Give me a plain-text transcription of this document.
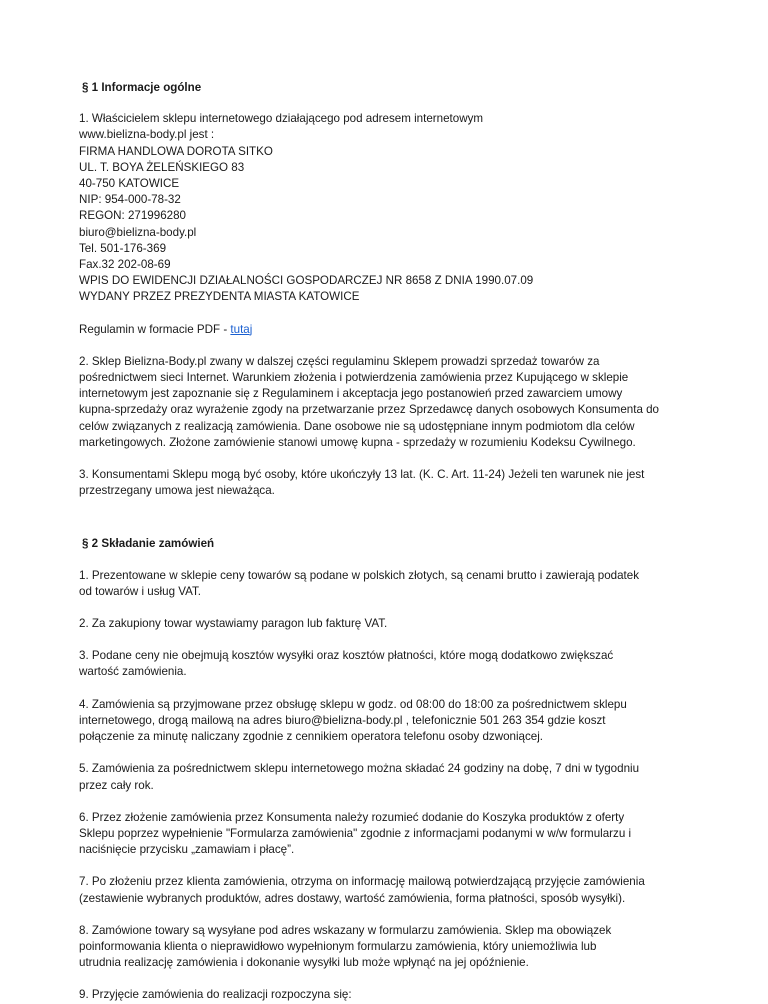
§ 1 Informacje ogólne
1. Właścicielem sklepu internetowego działającego pod adresem internetowym
www.bielizna-body.pl jest :
FIRMA HANDLOWA DOROTA SITKO
UL. T. BOYA ŻELEŃSKIEGO 83
40-750 KATOWICE
NIP: 954-000-78-32
REGON: 271996280
biuro@bielizna-body.pl
Tel. 501-176-369
Fax.32 202-08-69
WPIS DO EWIDENCJI DZIAŁALNOŚCI GOSPODARCZEJ NR 8658 Z DNIA 1990.07.09
WYDANY PRZEZ PREZYDENTA MIASTA KATOWICE
Regulamin w formacie PDF - tutaj
2. Sklep Bielizna-Body.pl zwany w dalszej części regulaminu Sklepem prowadzi sprzedaż towarów za
pośrednictwem sieci Internet. Warunkiem złożenia i potwierdzenia zamówienia przez Kupującego w sklepie
internetowym jest zapoznanie się z Regulaminem i akceptacja jego postanowień przed zawarciem umowy
kupna-sprzedaży oraz wyrażenie zgody na przetwarzanie przez Sprzedawcę danych osobowych Konsumenta do
celów związanych z realizacją zamówienia. Dane osobowe nie są udostępniane innym podmiotom dla celów
marketingowych. Złożone zamówienie stanowi umowę kupna - sprzedaży w rozumieniu Kodeksu Cywilnego.
3. Konsumentami Sklepu mogą być osoby, które ukończyły 13 lat. (K. C. Art. 11-24) Jeżeli ten warunek nie jest
przestrzegany umowa jest nieważąca.
§ 2 Składanie zamówień
1. Prezentowane w sklepie ceny towarów są podane w polskich złotych, są cenami brutto i zawierają podatek
od towarów i usług VAT.
2. Za zakupiony towar wystawiamy paragon lub fakturę VAT.
3. Podane ceny nie obejmują kosztów wysyłki oraz kosztów płatności, które mogą dodatkowo zwiększać
wartość zamówienia.
4. Zamówienia są przyjmowane przez obsługę sklepu w godz. od 08:00 do 18:00 za pośrednictwem sklepu
internetowego, drogą mailową na adres biuro@bielizna-body.pl , telefonicznie 501 263 354 gdzie koszt
połączenie za minutę naliczany zgodnie z cennikiem operatora telefonu osoby dzwoniącej.
5. Zamówienia za pośrednictwem sklepu internetowego można składać 24 godziny na dobę, 7 dni w tygodniu
przez cały rok.
6. Przez złożenie zamówienia przez Konsumenta należy rozumieć dodanie do Koszyka produktów z oferty
Sklepu poprzez wypełnienie "Formularza zamówienia" zgodnie z informacjami podanymi w w/w formularzu i
naciśnięcie przycisku „zamawiam i płacę”.
7. Po złożeniu przez klienta zamówienia, otrzyma on informację mailową potwierdzającą przyjęcie zamówienia
(zestawienie wybranych produktów, adres dostawy, wartość zamówienia, forma płatności, sposób wysyłki).
8. Zamówione towary są wysyłane pod adres wskazany w formularzu zamówienia. Sklep ma obowiązek
poinformowania klienta o nieprawidłowo wypełnionym formularzu zamówienia, który uniemożliwia lub
utrudnia realizację zamówienia i dokonanie wysyłki lub może wpłynąć na jej opóźnienie.
9. Przyjęcie zamówienia do realizacji rozpoczyna się:
